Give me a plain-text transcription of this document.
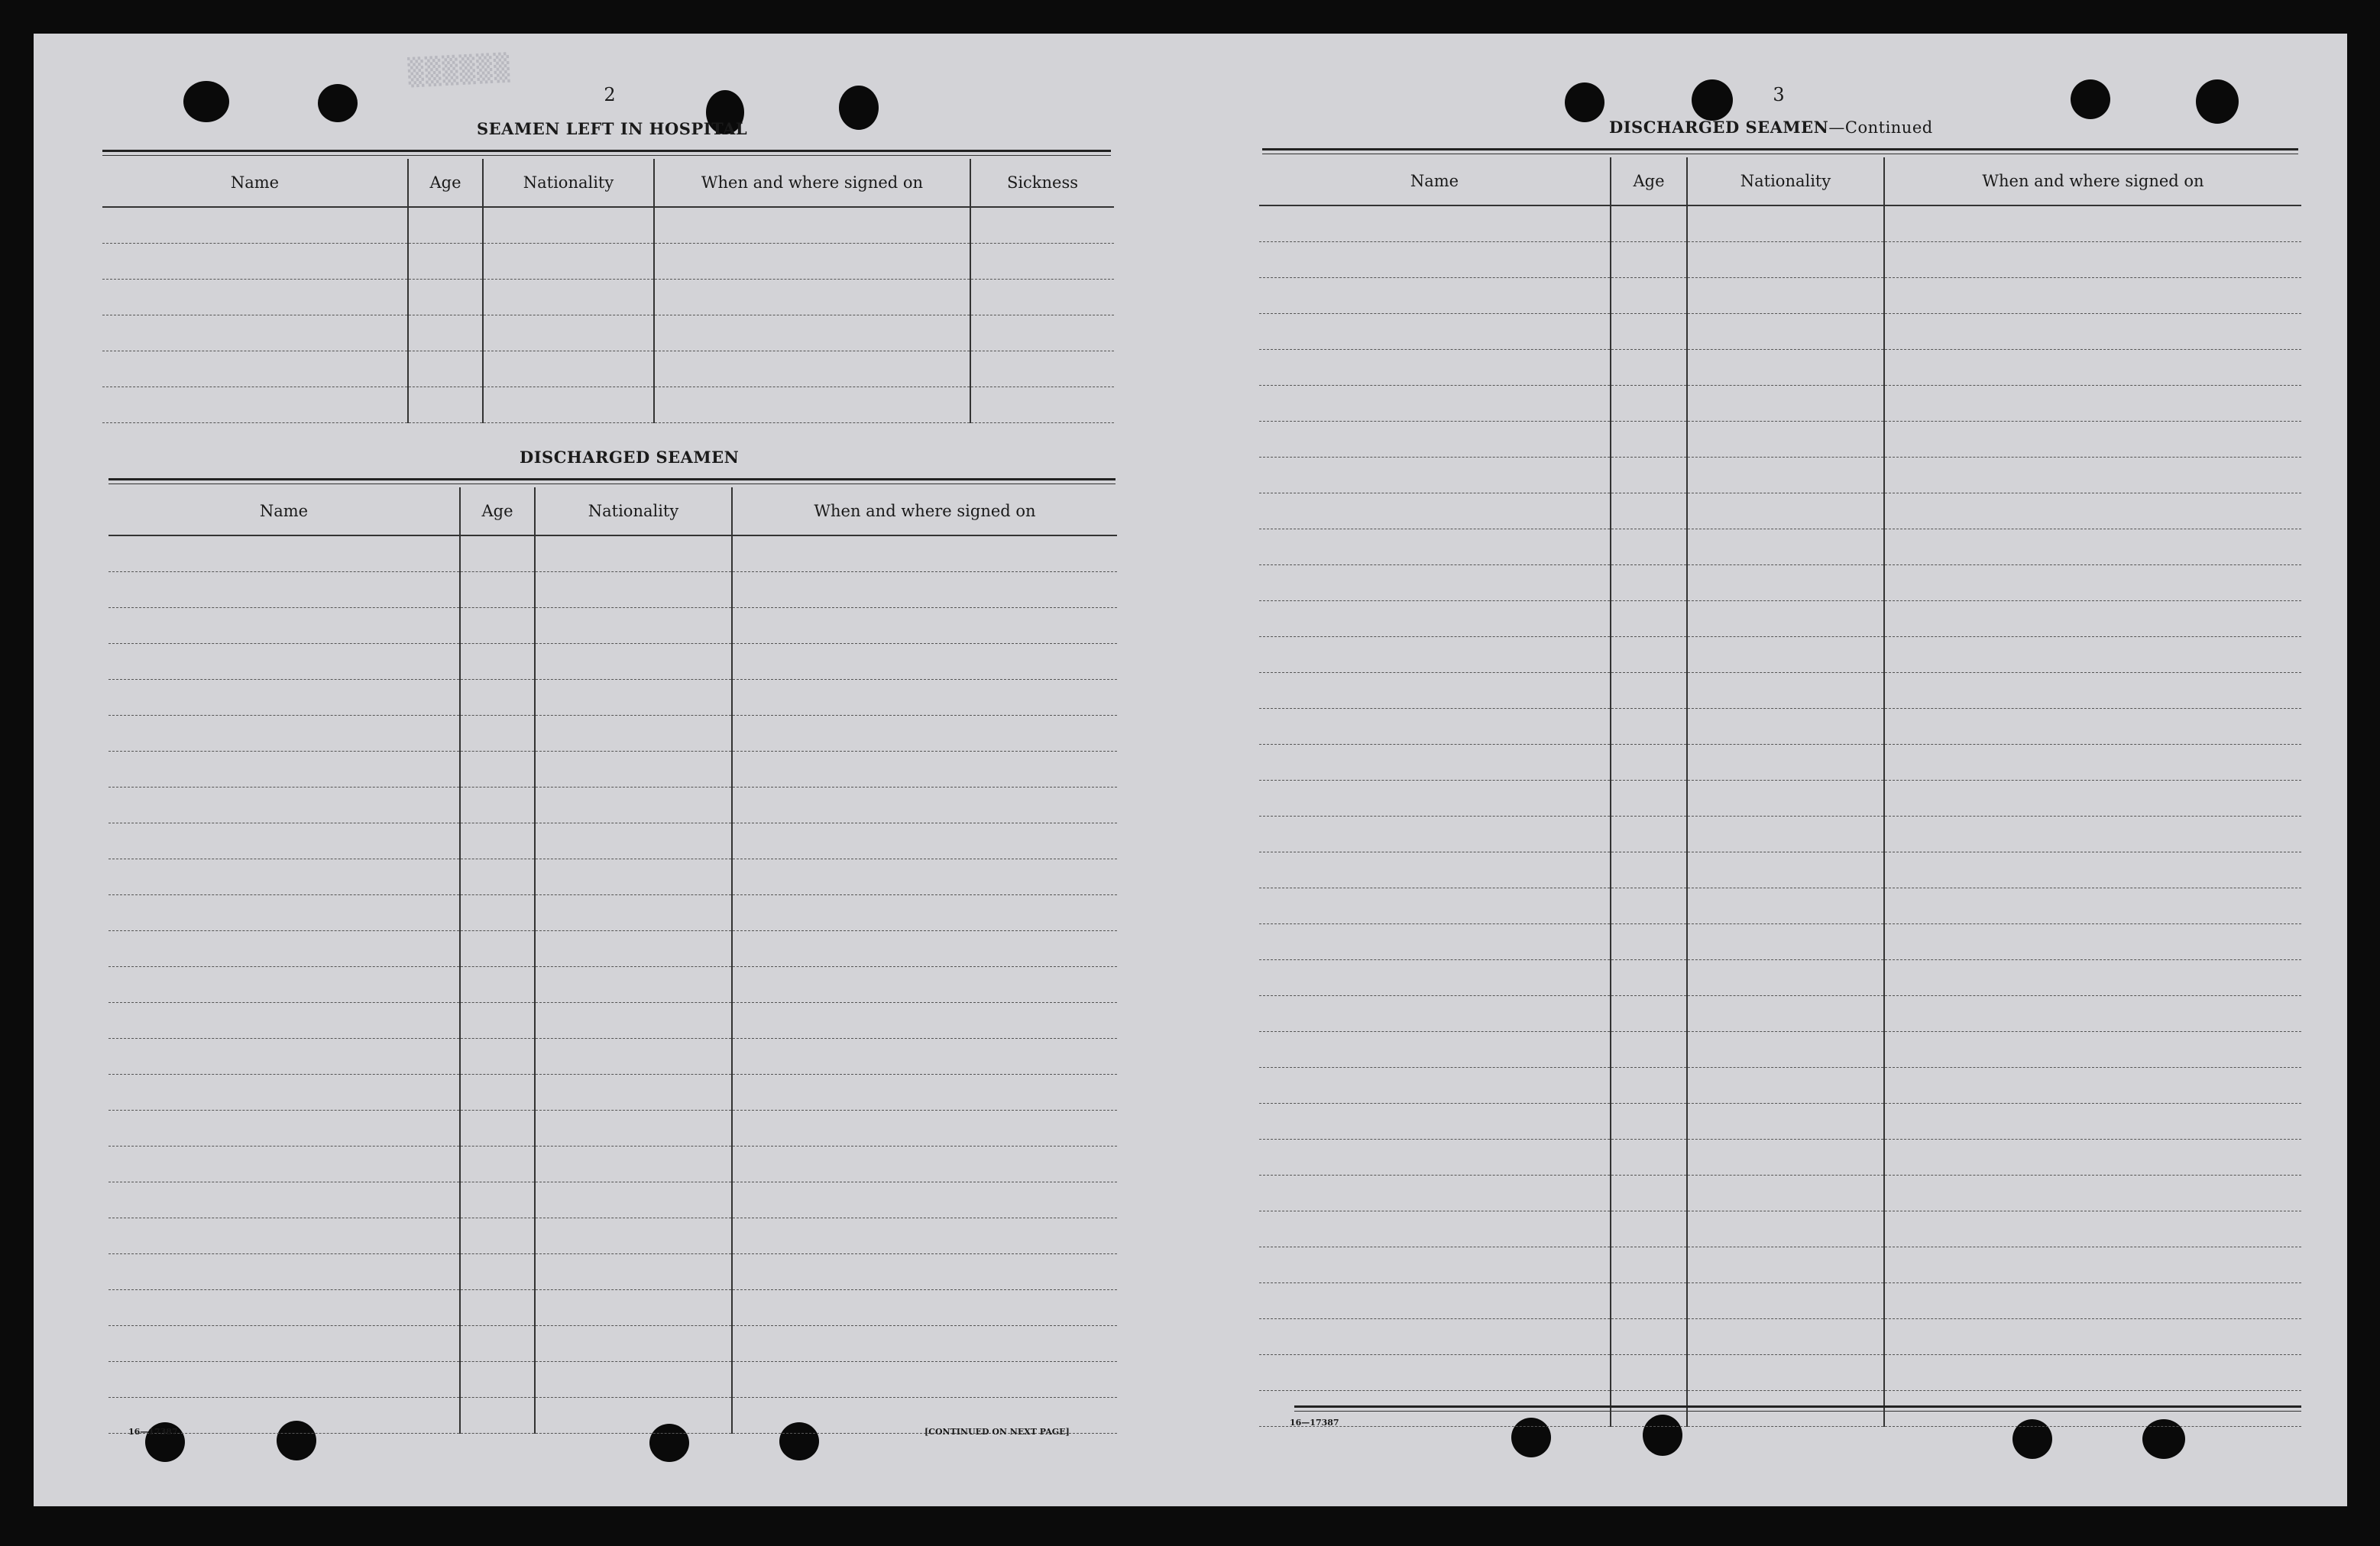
▒▒▒▒▒▒
2
SEAMEN LEFT IN HOSPITAL
Name	Age	Nationality	When and where signed on	Sickness

DISCHARGED SEAMEN
Name	Age	Nationality	When and where signed on

16—17387	[CONTINUED ON NEXT PAGE]
3
DISCHARGED SEAMEN—Continued
Name	Age	Nationality	When and where signed on

16—17387
